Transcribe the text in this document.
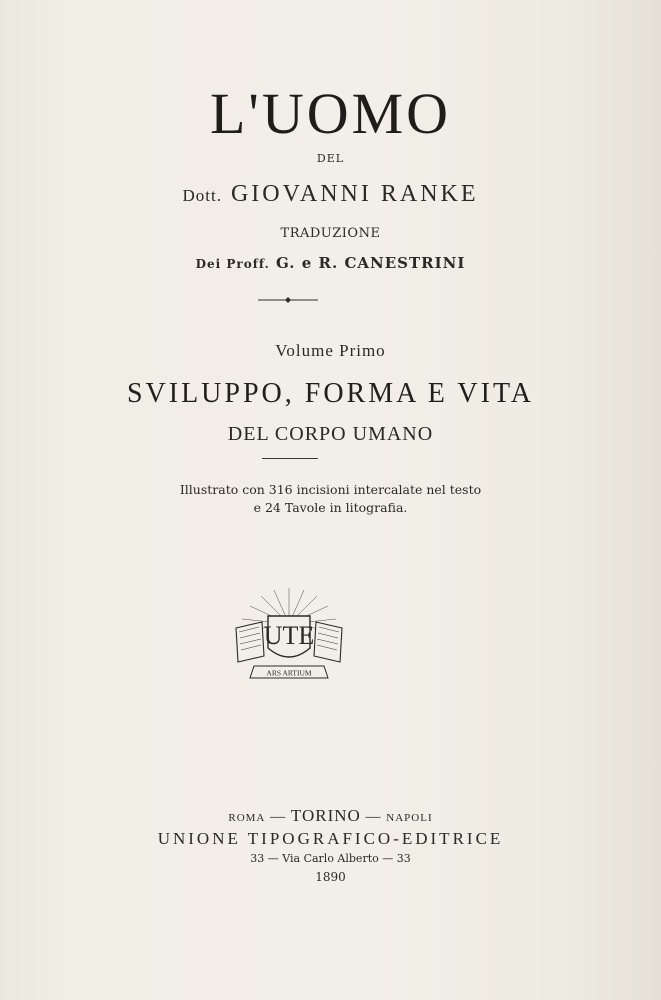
L'UOMO
DEL
Dott. GIOVANNI RANKE
TRADUZIONE
Dei Proff. G. e R. CANESTRINI
Volume Primo
SVILUPPO, FORMA E VITA
DEL CORPO UMANO
Illustrato con 316 incisioni intercalate nel testo
e 24 Tavole in litografia.
UTE
ARS ARTIUM
ROMA — TORINO — NAPOLI
UNIONE TIPOGRAFICO-EDITRICE
33 — Via Carlo Alberto — 33
1890
